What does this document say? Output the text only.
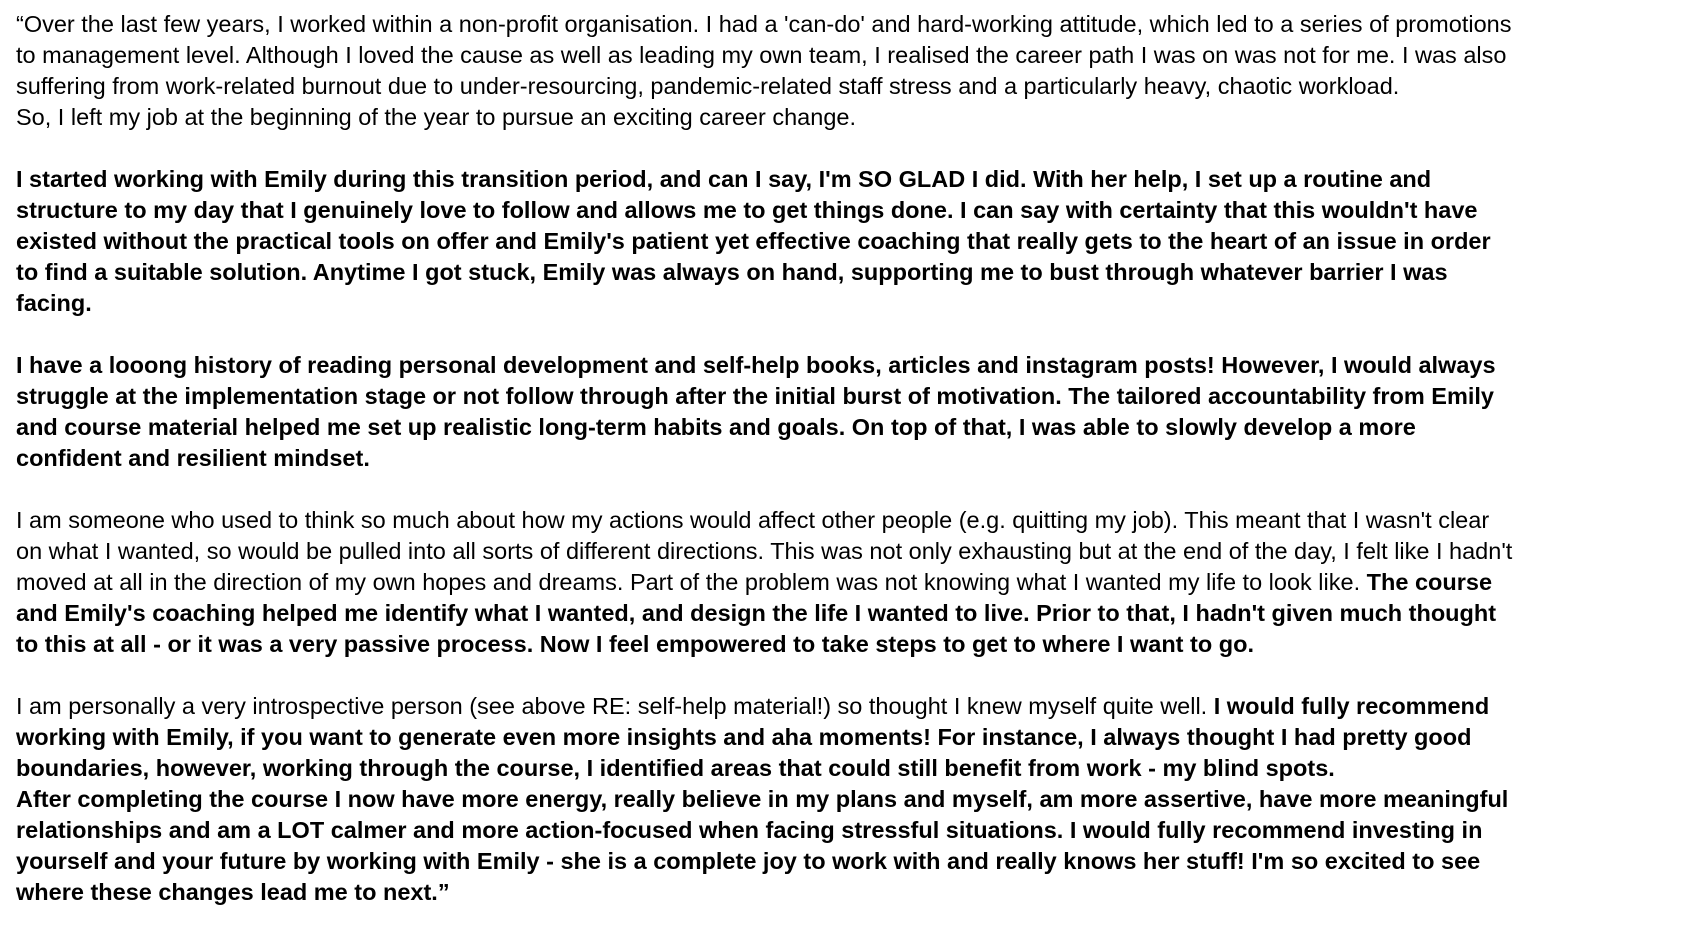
“Over the last few years, I worked within a non-profit organisation. I had a 'can-do' and hard-working attitude, which led to a series of promotions
to management level. Although I loved the cause as well as leading my own team, I realised the career path I was on was not for me. I was also
suffering from work-related burnout due to under-resourcing, pandemic-related staff stress and a particularly heavy, chaotic workload.
So, I left my job at the beginning of the year to pursue an exciting career change.

I started working with Emily during this transition period, and can I say, I'm SO GLAD I did. With her help, I set up a routine and
structure to my day that I genuinely love to follow and allows me to get things done. I can say with certainty that this wouldn't have
existed without the practical tools on offer and Emily's patient yet effective coaching that really gets to the heart of an issue in order
to find a suitable solution. Anytime I got stuck, Emily was always on hand, supporting me to bust through whatever barrier I was
facing.

I have a looong history of reading personal development and self-help books, articles and instagram posts! However, I would always
struggle at the implementation stage or not follow through after the initial burst of motivation. The tailored accountability from Emily
and course material helped me set up realistic long-term habits and goals. On top of that, I was able to slowly develop a more
confident and resilient mindset.

I am someone who used to think so much about how my actions would affect other people (e.g. quitting my job). This meant that I wasn't clear
on what I wanted, so would be pulled into all sorts of different directions. This was not only exhausting but at the end of the day, I felt like I hadn't
moved at all in the direction of my own hopes and dreams. Part of the problem was not knowing what I wanted my life to look like. The course
and Emily's coaching helped me identify what I wanted, and design the life I wanted to live. Prior to that, I hadn't given much thought
to this at all - or it was a very passive process. Now I feel empowered to take steps to get to where I want to go.

I am personally a very introspective person (see above RE: self-help material!) so thought I knew myself quite well. I would fully recommend
working with Emily, if you want to generate even more insights and aha moments! For instance, I always thought I had pretty good
boundaries, however, working through the course, I identified areas that could still benefit from work - my blind spots.
After completing the course I now have more energy, really believe in my plans and myself, am more assertive, have more meaningful
relationships and am a LOT calmer and more action-focused when facing stressful situations. I would fully recommend investing in
yourself and your future by working with Emily - she is a complete joy to work with and really knows her stuff! I'm so excited to see
where these changes lead me to next.”
